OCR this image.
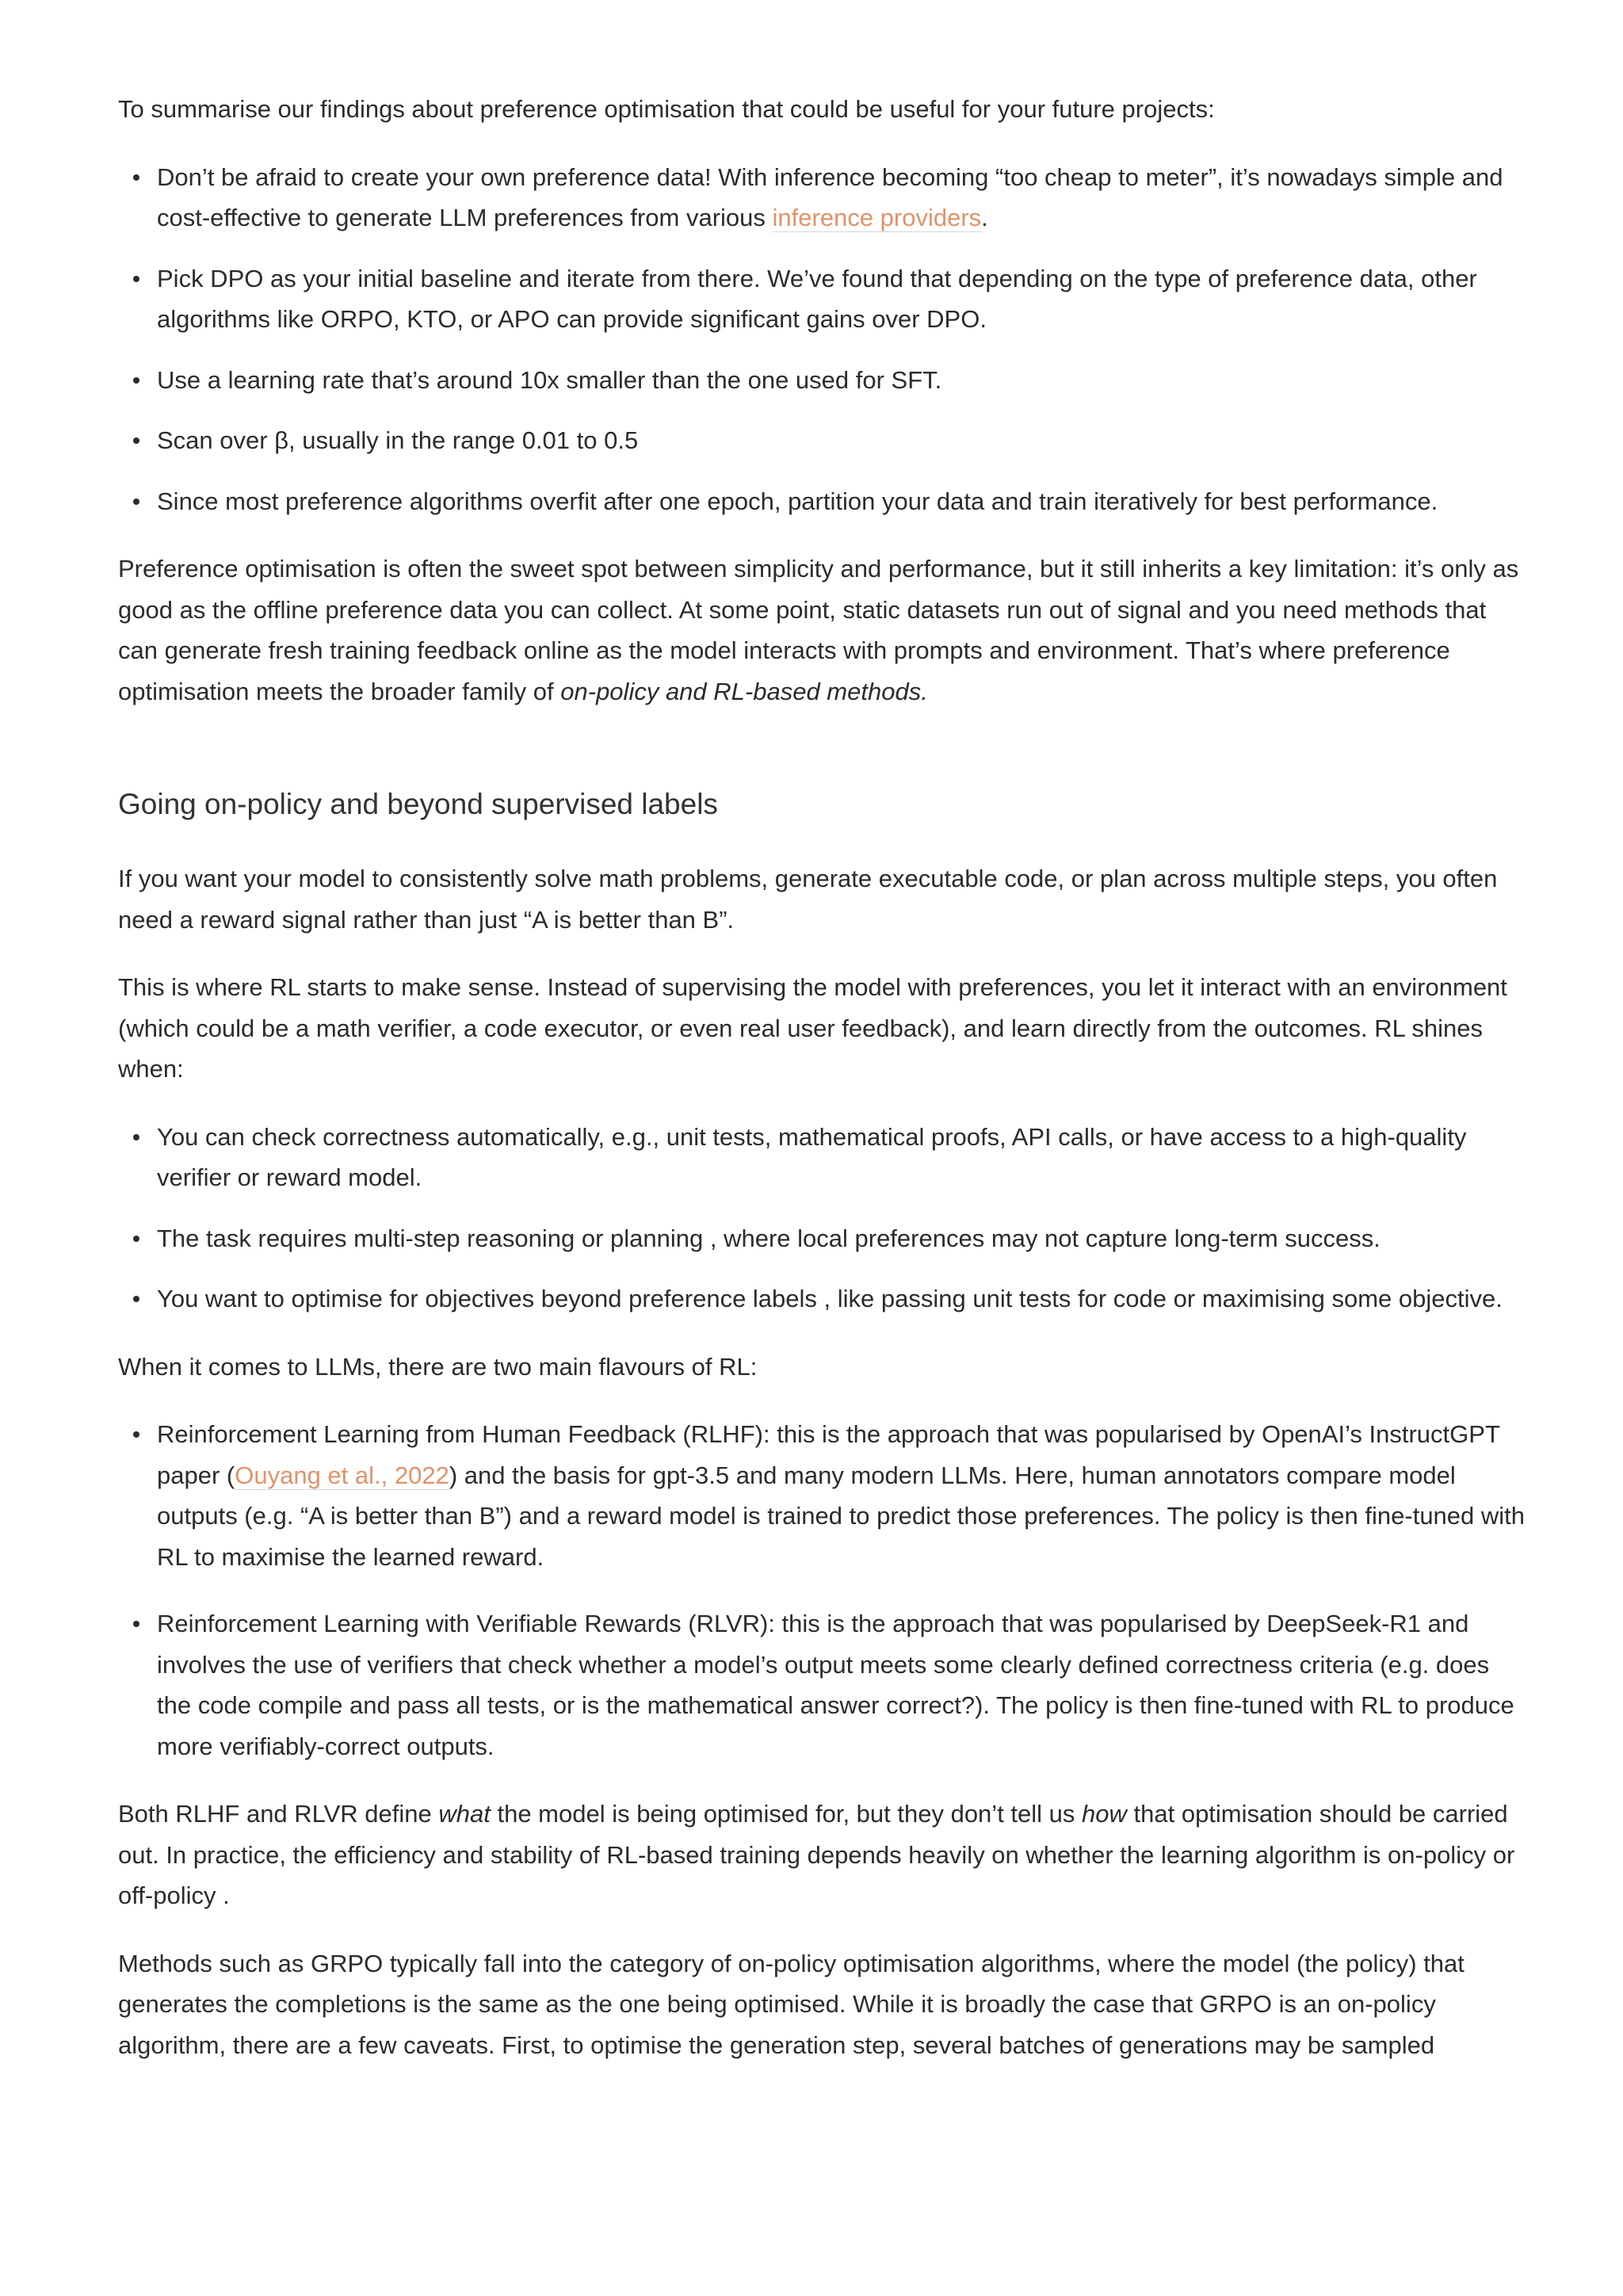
To summarise our findings about preference optimisation that could be useful for your future projects:

Don’t be afraid to create your own preference data! With inference becoming “too cheap to meter”, it’s nowadays simple and cost-effective to generate LLM preferences from various inference providers.
Pick DPO as your initial baseline and iterate from there. We’ve found that depending on the type of preference data, other algorithms like ORPO, KTO, or APO can provide significant gains over DPO.
Use a learning rate that’s around 10x smaller than the one used for SFT.
Scan over β, usually in the range 0.01 to 0.5
Since most preference algorithms overfit after one epoch, partition your data and train iteratively for best performance.

Preference optimisation is often the sweet spot between simplicity and performance, but it still inherits a key limitation: it’s only as good as the offline preference data you can collect. At some point, static datasets run out of signal and you need methods that can generate fresh training feedback online as the model interacts with prompts and environment. That’s where preference optimisation meets the broader family of on-policy and RL-based methods.

Going on-policy and beyond supervised labels

If you want your model to consistently solve math problems, generate executable code, or plan across multiple steps, you often need a reward signal rather than just “A is better than B”.

This is where RL starts to make sense. Instead of supervising the model with preferences, you let it interact with an environment (which could be a math verifier, a code executor, or even real user feedback), and learn directly from the outcomes. RL shines when:

You can check correctness automatically, e.g., unit tests, mathematical proofs, API calls, or have access to a high-quality verifier or reward model.
The task requires multi-step reasoning or planning , where local preferences may not capture long-term success.
You want to optimise for objectives beyond preference labels , like passing unit tests for code or maximising some objective.

When it comes to LLMs, there are two main flavours of RL:

Reinforcement Learning from Human Feedback (RLHF): this is the approach that was popularised by OpenAI’s InstructGPT paper (Ouyang et al., 2022) and the basis for gpt-3.5 and many modern LLMs. Here, human annotators compare model outputs (e.g. “A is better than B”) and a reward model is trained to predict those preferences. The policy is then fine-tuned with RL to maximise the learned reward.
Reinforcement Learning with Verifiable Rewards (RLVR): this is the approach that was popularised by DeepSeek-R1 and involves the use of verifiers that check whether a model’s output meets some clearly defined correctness criteria (e.g. does the code compile and pass all tests, or is the mathematical answer correct?). The policy is then fine-tuned with RL to produce more verifiably-correct outputs.

Both RLHF and RLVR define what the model is being optimised for, but they don’t tell us how that optimisation should be carried out. In practice, the efficiency and stability of RL-based training depends heavily on whether the learning algorithm is on-policy or off-policy .

Methods such as GRPO typically fall into the category of on-policy optimisation algorithms, where the model (the policy) that generates the completions is the same as the one being optimised. While it is broadly the case that GRPO is an on-policy algorithm, there are a few caveats. First, to optimise the generation step, several batches of generations may be sampled
